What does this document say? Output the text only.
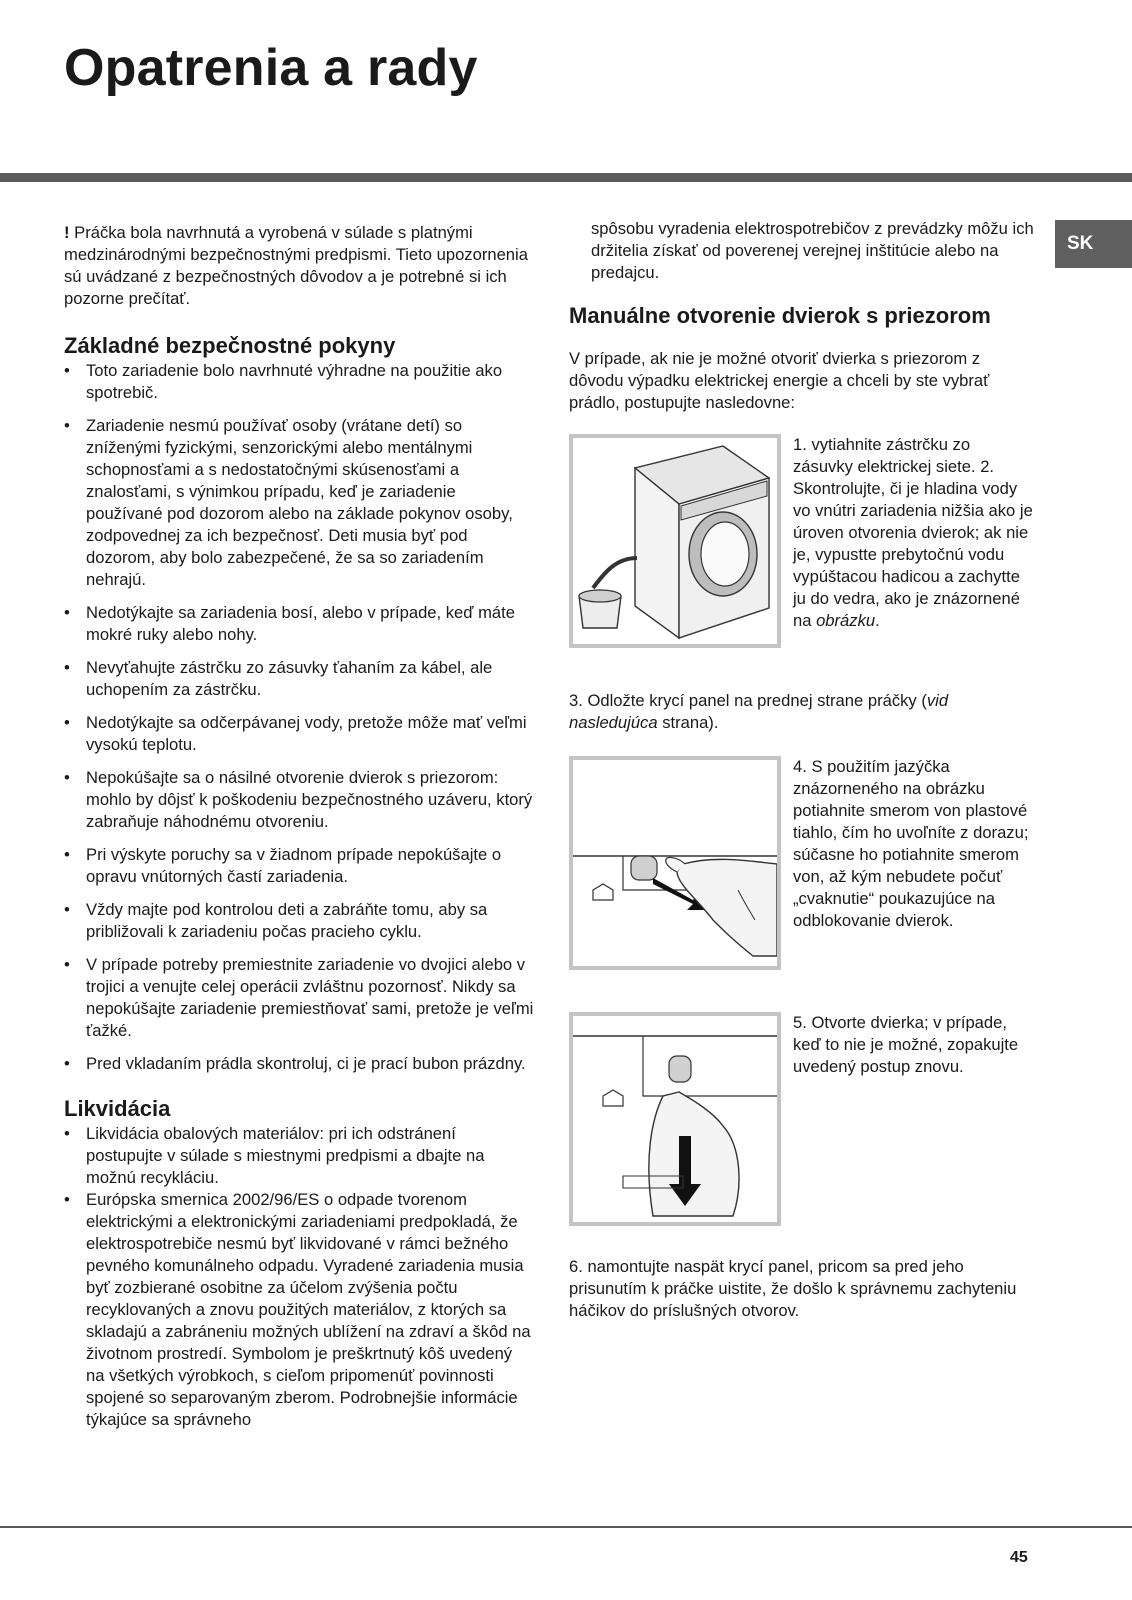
Opatrenia a rady
SK

! Práčka bola navrhnutá a vyrobená v súlade s platnými medzinárodnými bezpečnostnými predpismi. Tieto upozornenia sú uvádzané z bezpečnostných dôvodov a je potrebné si ich pozorne prečítať.

Základné bezpečnostné pokyny
• Toto zariadenie bolo navrhnuté výhradne na použitie ako spotrebič.
• Zariadenie nesmú používať osoby (vrátane detí) so zníženými fyzickými, senzorickými alebo mentálnymi schopnosťami a s nedostatočnými skúsenosťami a znalosťami, s výnimkou prípadu, keď je zariadenie používané pod dozorom alebo na základe pokynov osoby, zodpovednej za ich bezpečnosť. Deti musia byť pod dozorom, aby bolo zabezpečené, že sa so zariadením nehrajú.
• Nedotýkajte sa zariadenia bosí, alebo v prípade, keď máte mokré ruky alebo nohy.
• Nevyťahujte zástrčku zo zásuvky ťahaním za kábel, ale uchopením za zástrčku.
• Nedotýkajte sa odčerpávanej vody, pretože môže mať veľmi vysokú teplotu.
• Nepokúšajte sa o násilné otvorenie dvierok s priezorom: mohlo by dôjsť k poškodeniu bezpečnostného uzáveru, ktorý zabraňuje náhodnému otvoreniu.
• Pri výskyte poruchy sa v žiadnom prípade nepokúšajte o opravu vnútorných častí zariadenia.
• Vždy majte pod kontrolou deti a zabráňte tomu, aby sa približovali k zariadeniu počas pracieho cyklu.
• V prípade potreby premiestnite zariadenie vo dvojici alebo v trojici a venujte celej operácii zvláštnu pozornosť. Nikdy sa nepokúšajte zariadenie premiestňovať sami, pretože je veľmi ťažké.
• Pred vkladaním prádla skontroluj, ci je prací bubon prázdny.
Likvidácia
• Likvidácia obalových materiálov: pri ich odstránení postupujte v súlade s miestnymi predpismi a dbajte na možnú recykláciu.
• Európska smernica 2002/96/ES o odpade tvorenom elektrickými a elektronickými zariadeniami predpokladá, že elektrospotrebiče nesmú byť likvidované v rámci bežného pevného komunálneho odpadu. Vyradené zariadenia musia byť zozbierané osobitne za účelom zvýšenia počtu recyklovaných a znovu použitých materiálov, z ktorých sa skladajú a zabráneniu možných ublížení na zdraví a škôd na životnom prostredí. Symbolom je preškrtnutý kôš uvedený na všetkých výrobkoch, s cieľom pripomenúť povinnosti spojené so separovaným zberom. Podrobnejšie informácie týkajúce sa správneho

spôsobu vyradenia elektrospotrebičov z prevádzky môžu ich držitelia získať od poverenej verejnej inštitúcie alebo na predajcu.

Manuálne otvorenie dvierok s priezorom

V prípade, ak nie je možné otvoriť dvierka s priezorom z dôvodu výpadku elektrickej energie a chceli by ste vybrať prádlo, postupujte nasledovne:

1. vytiahnite zástrčku zo zásuvky elektrickej siete. 2. Skontrolujte, či je hladina vody vo vnútri zariadenia nižšia ako je úroven otvorenia dvierok; ak nie je, vypustte prebytočnú vodu vypúštacou hadicou a zachytte ju do vedra, ako je znázornené na obrázku.

3. Odložte krycí panel na prednej strane práčky (vid nasledujúca strana).

4. S použitím jazýčka znázorneného na obrázku potiahnite smerom von plastové tiahlo, čím ho uvoľníte z dorazu; súčasne ho potiahnite smerom von, až kým nebudete počuť „cvaknutie“ poukazujúce na odblokovanie dvierok.

5. Otvorte dvierka; v prípade, keď to nie je možné, zopakujte uvedený postup znovu.

6. namontujte naspät krycí panel, pricom sa pred jeho prisunutím k práčke uistite, že došlo k správnemu zachyteniu háčikov do príslušných otvorov.

45
